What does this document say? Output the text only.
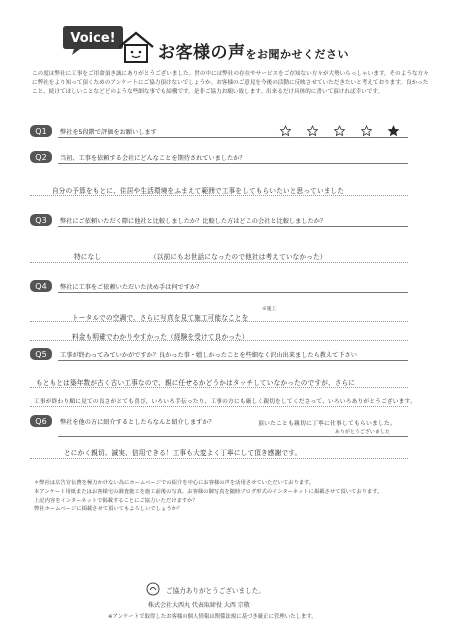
Voice!
お客様の声をお聞かせください
この度は弊社に工事をご用命頂き誠にありがとうございました。世の中には弊社の存在やサービスをご存知ない方々が大勢いらっしゃいます。そのような方々に弊社をより知って頂くためのアンケートにご協力頂けないでしょうか。お客様のご意見を今後の活動に反映させていただきたいと考えております。良かったこと、続けてほしいことなどどのような些細な事でも結構です。是非ご協力お願い致します。出来るだけ具体的に書いて頂ければ幸いです。
Q1	弊社を5段階で評価をお願いします
Q2	当初、工事を依頼する会社にどんなことを期待されていましたか？
自分の予算をもとに、住居や生活環境をふまえて範囲で工事をしてもらいたいと思っていました
Q3	弊社にご依頼いただく際に他社と比較しましたか？比較した方はどこの会社と比較しましたか？
特になし	（以前にもお世話になったので他社は考えていなかった）
Q4	弊社に工事をご依頼いただいた決め手は何ですか？
※施工
トータルでの空調で、さらに写真を見て施工可能なことを
料金も明確でわかりやすかった（経験を受けて良かった）
Q5	工事が終わってみていかがですか？良かった事・嬉しかったことを些細なく沢山出来ましたら教えて下さい
もともとは築年数が古く古い工事なので、親に任せるかどうかはタッチしていなかったのですが、さらに
工事が終わり順に見ての良さがとても喜び、いろいろ手伝ったり、工事の方にも厳しく親切をしてくださって、いろいろありがとうございます。
Q6	弊社を他の方に紹介するとしたらなんと紹介しますか？	頂いたことも親切に丁寧に仕事してもらいました。
ありがとうございました
とにかく親切、誠実、信用できる！工事も大変よく丁寧にして頂き感謝です。
＊弊社は広告宣伝費を極力かけない為にホームページでの紹介を中心にお客様の声を活用させていただいております。
本アンケート用紙またはお客様宅の調査施工を施工前後の写真、お客様の御写真を随時ブログ形式のインターネットに掲載させて頂いております。
上記内容をインターネットで掲載することにご協力いただけますか？
弊社ホームページに掲載させて頂いてもよろしいでしょうか？
ご協力ありがとうございました。
株式会社大西丸 代表取締役 大西 宗敬
※アンケートで取得したお客様の個人情報は関係法規に基づき厳正に管理いたします。
